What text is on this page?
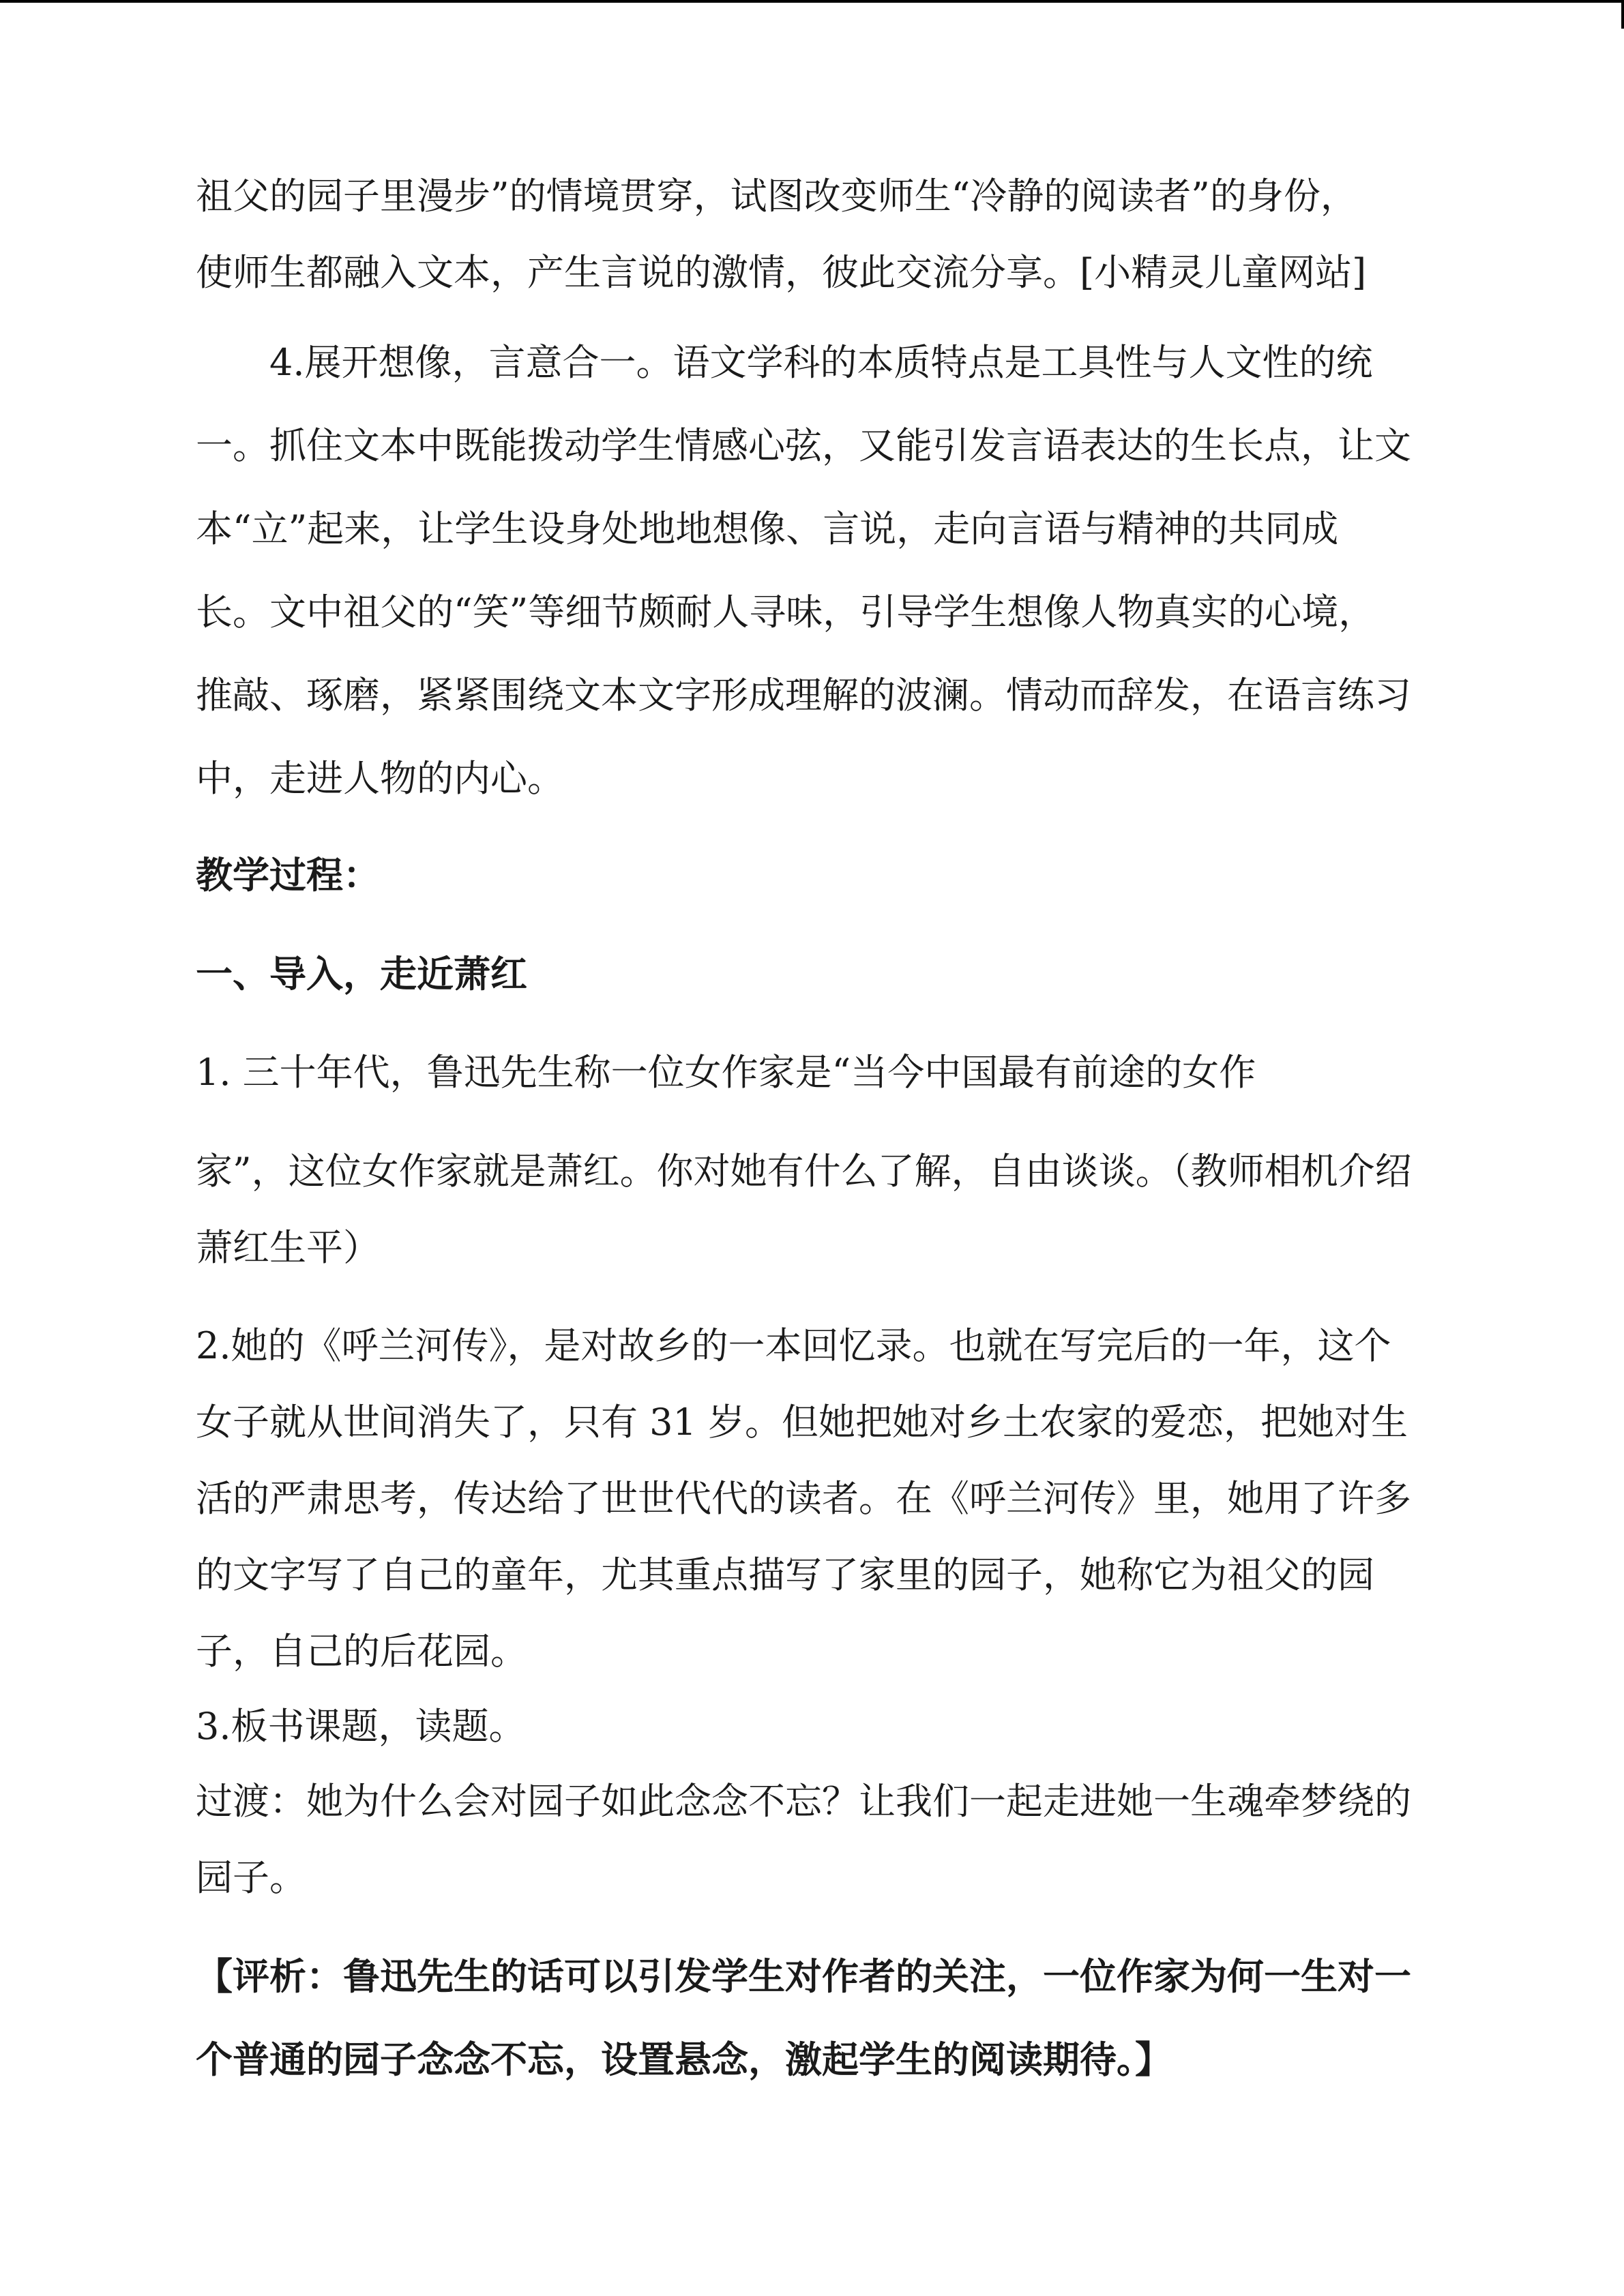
祖父的园子里漫步”的情境贯穿，试图改变师生“冷静的阅读者”的身份，
使师生都融入文本，产生言说的激情，彼此交流分享。[小精灵儿童网站]
　　4.展开想像，言意合一。语文学科的本质特点是工具性与人文性的统
一。抓住文本中既能拨动学生情感心弦，又能引发言语表达的生长点，让文
本“立”起来，让学生设身处地地想像、言说，走向言语与精神的共同成
长。文中祖父的“笑”等细节颇耐人寻味，引导学生想像人物真实的心境，
推敲、琢磨，紧紧围绕文本文字形成理解的波澜。情动而辞发，在语言练习
中，走进人物的内心。
教学过程：
一、导入，走近萧红
1. 三十年代，鲁迅先生称一位女作家是“当今中国最有前途的女作
家”，这位女作家就是萧红。你对她有什么了解，自由谈谈。（教师相机介绍
萧红生平）
2.她的《呼兰河传》，是对故乡的一本回忆录。也就在写完后的一年，这个
女子就从世间消失了，只有 31 岁。但她把她对乡土农家的爱恋，把她对生
活的严肃思考，传达给了世世代代的读者。在《呼兰河传》里，她用了许多
的文字写了自己的童年，尤其重点描写了家里的园子，她称它为祖父的园
子，自己的后花园。
3.板书课题，读题。
过渡：她为什么会对园子如此念念不忘？让我们一起走进她一生魂牵梦绕的
园子。
【评析：鲁迅先生的话可以引发学生对作者的关注，一位作家为何一生对一
个普通的园子念念不忘，设置悬念，激起学生的阅读期待。】
